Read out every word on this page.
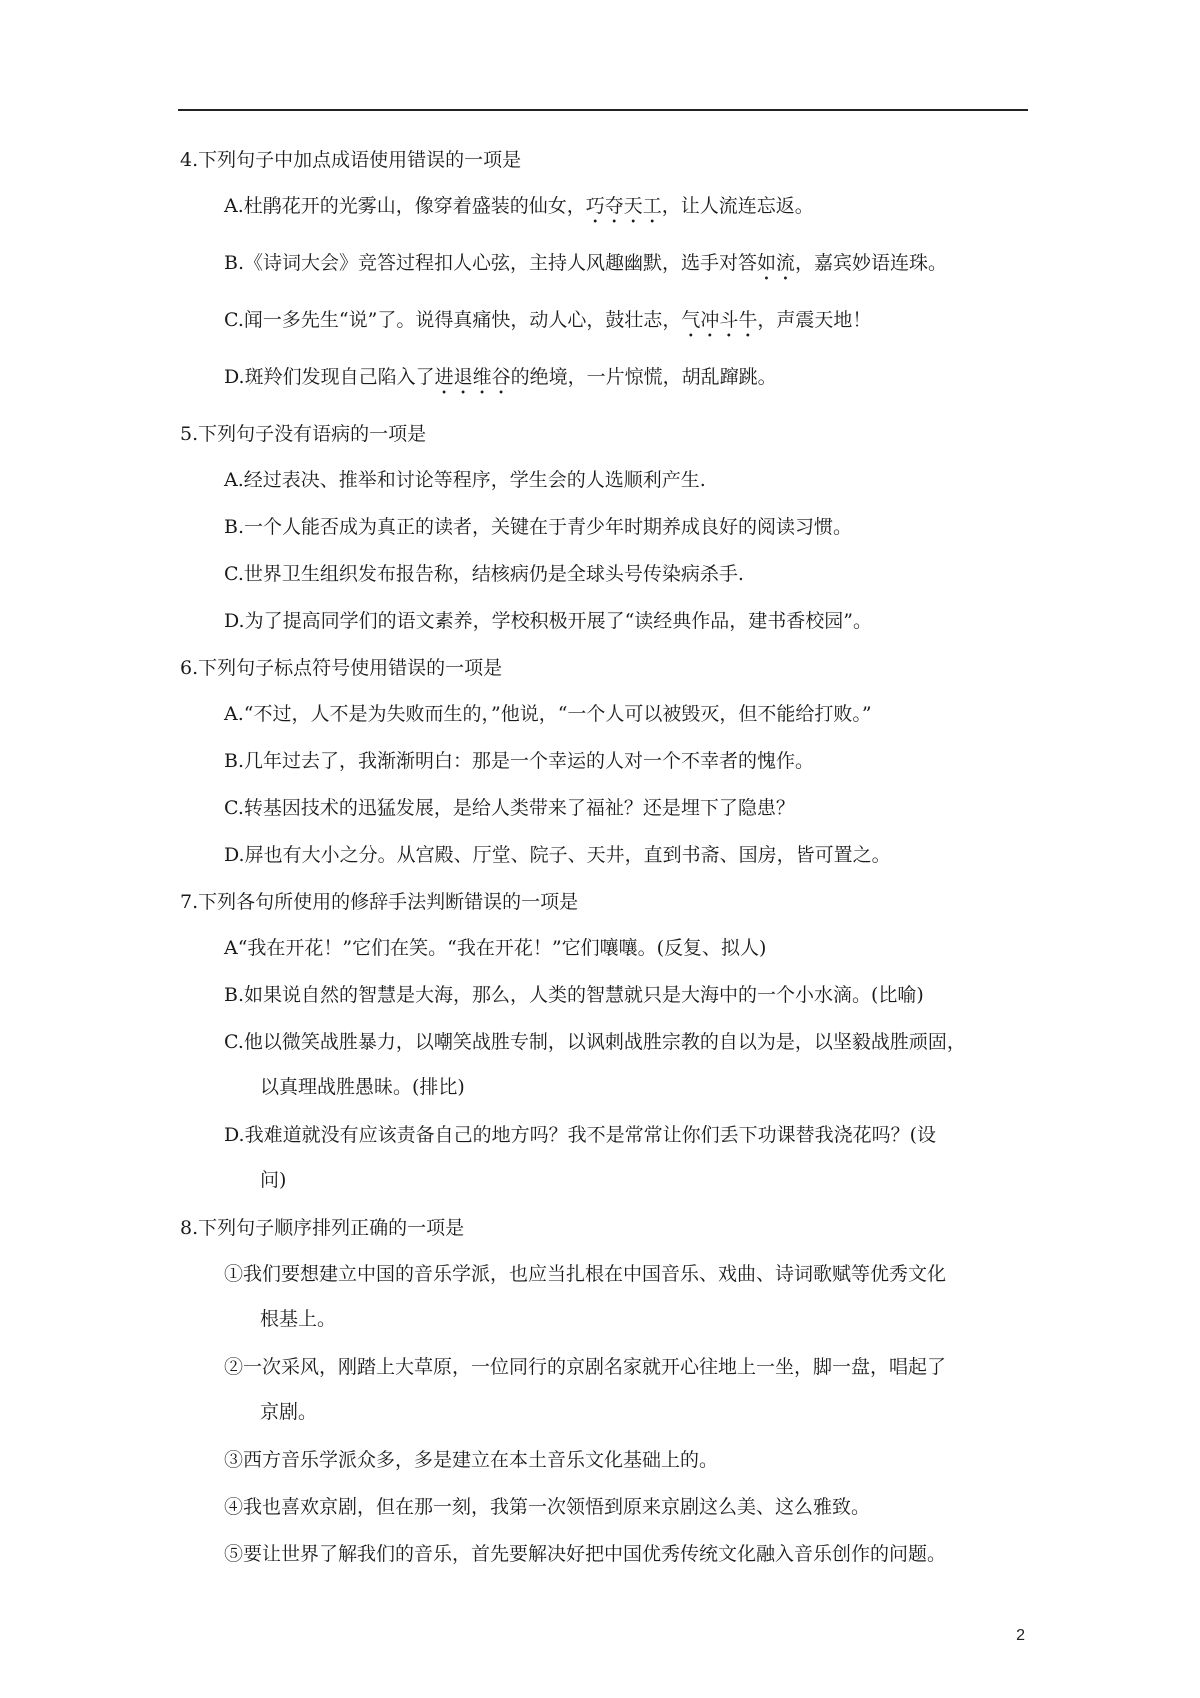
4.下列句子中加点成语使用错误的一项是
A.杜鹃花开的光雾山，像穿着盛装的仙女，巧夺天工，让人流连忘返。
B.《诗词大会》竞答过程扣人心弦，主持人风趣幽默，选手对答如流，嘉宾妙语连珠。
C.闻一多先生“说”了。说得真痛快，动人心，鼓壮志，气冲斗牛，声震天地！
D.斑羚们发现自己陷入了进退维谷的绝境，一片惊慌，胡乱蹿跳。
5.下列句子没有语病的一项是
A.经过表决、推举和讨论等程序，学生会的人选顺利产生.
B.一个人能否成为真正的读者，关键在于青少年时期养成良好的阅读习惯。
C.世界卫生组织发布报告称，结核病仍是全球头号传染病杀手.
D.为了提高同学们的语文素养，学校积极开展了“读经典作品，建书香校园”。
6.下列句子标点符号使用错误的一项是
A.“不过，人不是为失败而生的，”他说，“一个人可以被毁灭，但不能给打败。”
B.几年过去了，我渐渐明白：那是一个幸运的人对一个不幸者的愧作。
C.转基因技术的迅猛发展，是给人类带来了福祉？还是埋下了隐患？
D.屏也有大小之分。从宫殿、厅堂、院子、天井，直到书斋、国房，皆可置之。
7.下列各句所使用的修辞手法判断错误的一项是
A“我在开花！”它们在笑。“我在开花！”它们嚷嚷。(反复、拟人)
B.如果说自然的智慧是大海，那么，人类的智慧就只是大海中的一个小水滴。(比喻)
C.他以微笑战胜暴力，以嘲笑战胜专制，以讽刺战胜宗教的自以为是，以坚毅战胜顽固，
以真理战胜愚昧。(排比)
D.我难道就没有应该责备自己的地方吗？我不是常常让你们丢下功课替我浇花吗？(设
问)
8.下列句子顺序排列正确的一项是
①我们要想建立中国的音乐学派，也应当扎根在中国音乐、戏曲、诗词歌赋等优秀文化
根基上。
②一次采风，刚踏上大草原，一位同行的京剧名家就开心往地上一坐，脚一盘，唱起了
京剧。
③西方音乐学派众多，多是建立在本土音乐文化基础上的。
④我也喜欢京剧，但在那一刻，我第一次领悟到原来京剧这么美、这么雅致。
⑤要让世界了解我们的音乐，首先要解决好把中国优秀传统文化融入音乐创作的问题。
2
